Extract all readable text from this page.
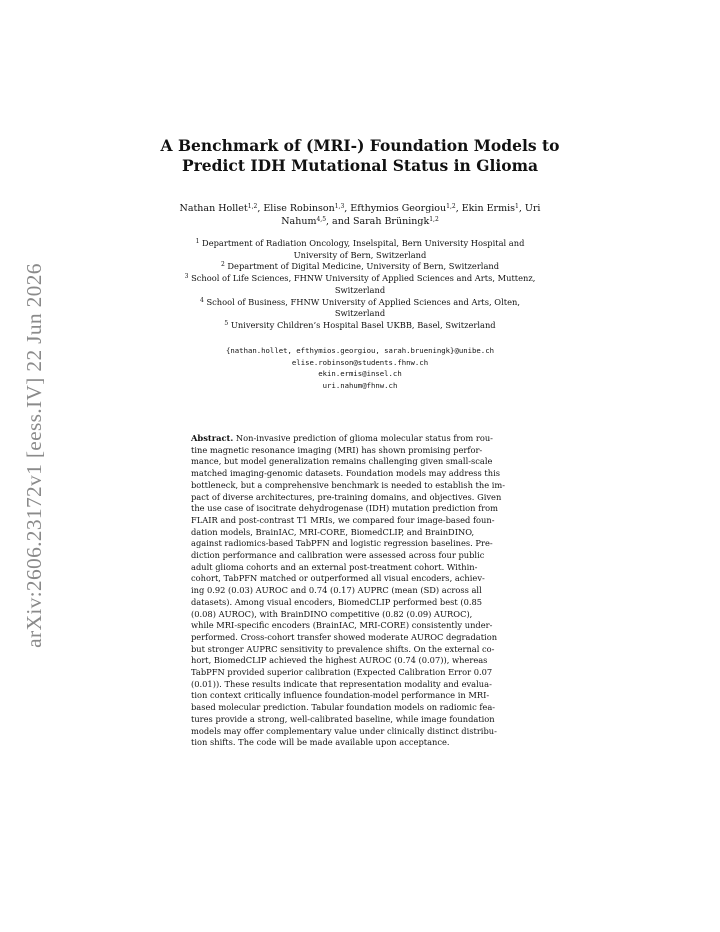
arXiv:2606.23172v1 [eess.IV] 22 Jun 2026
A Benchmark of (MRI-) Foundation Models to
Predict IDH Mutational Status in Glioma
Nathan Hollet$^{1,2}$, Elise Robinson$^{1,3}$, Efthymios Georgiou$^{1,2}$, Ekin Ermis$^1$, Uri
Nahum$^{4,5}$, and Sarah Brüningk$^{1,2}$
$^1$ Department of Radiation Oncology, Inselspital, Bern University Hospital and
University of Bern, Switzerland
$^2$ Department of Digital Medicine, University of Bern, Switzerland
$^3$ School of Life Sciences, FHNW University of Applied Sciences and Arts, Muttenz,
Switzerland
$^4$ School of Business, FHNW University of Applied Sciences and Arts, Olten,
Switzerland
$^5$ University Children’s Hospital Basel UKBB, Basel, Switzerland
{nathan.hollet, efthymios.georgiou, sarah.brueningk}@unibe.ch
elise.robinson@students.fhnw.ch
ekin.ermis@insel.ch
uri.nahum@fhnw.ch
Abstract. Non-invasive prediction of glioma molecular status from rou-
tine magnetic resonance imaging (MRI) has shown promising perfor-
mance, but model generalization remains challenging given small-scale
matched imaging-genomic datasets. Foundation models may address this
bottleneck, but a comprehensive benchmark is needed to establish the im-
pact of diverse architectures, pre-training domains, and objectives. Given
the use case of isocitrate dehydrogenase (IDH) mutation prediction from
FLAIR and post-contrast T1 MRIs, we compared four image-based foun-
dation models, BrainIAC, MRI-CORE, BiomedCLIP, and BrainDINO,
against radiomics-based TabPFN and logistic regression baselines. Pre-
diction performance and calibration were assessed across four public
adult glioma cohorts and an external post-treatment cohort. Within-
cohort, TabPFN matched or outperformed all visual encoders, achiev-
ing 0.92 (0.03) AUROC and 0.74 (0.17) AUPRC (mean (SD) across all
datasets). Among visual encoders, BiomedCLIP performed best (0.85
(0.08) AUROC), with BrainDINO competitive (0.82 (0.09) AUROC),
while MRI-specific encoders (BrainIAC, MRI-CORE) consistently under-
performed. Cross-cohort transfer showed moderate AUROC degradation
but stronger AUPRC sensitivity to prevalence shifts. On the external co-
hort, BiomedCLIP achieved the highest AUROC (0.74 (0.07)), whereas
TabPFN provided superior calibration (Expected Calibration Error 0.07
(0.01)). These results indicate that representation modality and evalua-
tion context critically influence foundation-model performance in MRI-
based molecular prediction. Tabular foundation models on radiomic fea-
tures provide a strong, well-calibrated baseline, while image foundation
models may offer complementary value under clinically distinct distribu-
tion shifts. The code will be made available upon acceptance.
